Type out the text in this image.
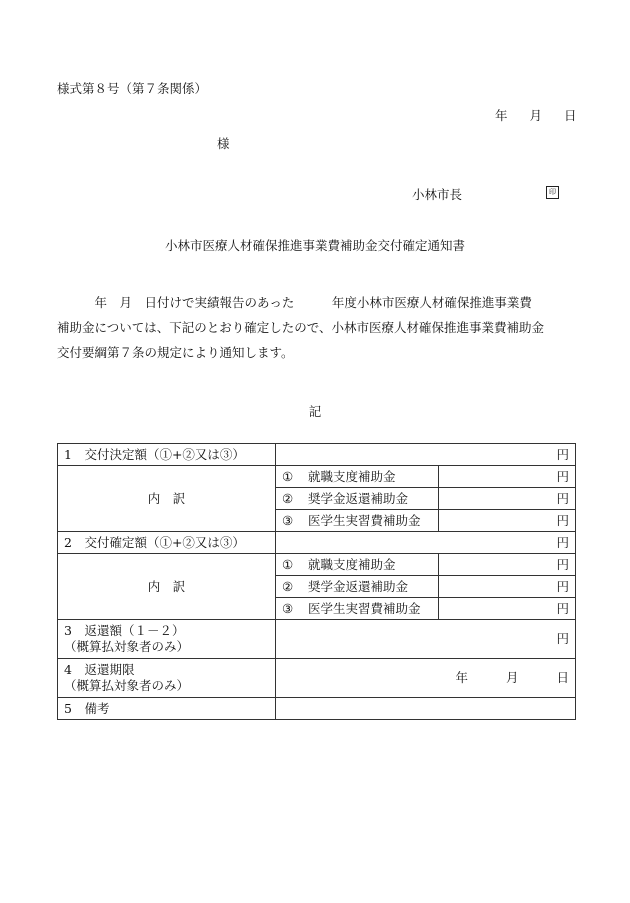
様式第８号（第７条関係）
年 月 日
様
小林市長	印
小林市医療人材確保推進事業費補助金交付確定通知書

　　　年　月　日付けで実績報告のあった　　　年度小林市医療人材確保推進事業費

補助金については、下記のとおり確定したので、小林市医療人材確保推進事業費補助金

交付要綱第７条の規定により通知します。

記
1　交付決定額（①+②又は③）	円	
内　訳	① 就職支度補助金	円
	② 奨学金返還補助金	円
	③ 医学生実習費補助金	円
2　交付確定額（①+②又は③）	円	
内　訳	① 就職支度補助金	円
	② 奨学金返還補助金	円
	③ 医学生実習費補助金	円

3　返還額（１－２）
（概算払対象者のみ）	円	

4　返還期限
（概算払対象者のみ）	年 月 日	
5　備考		
